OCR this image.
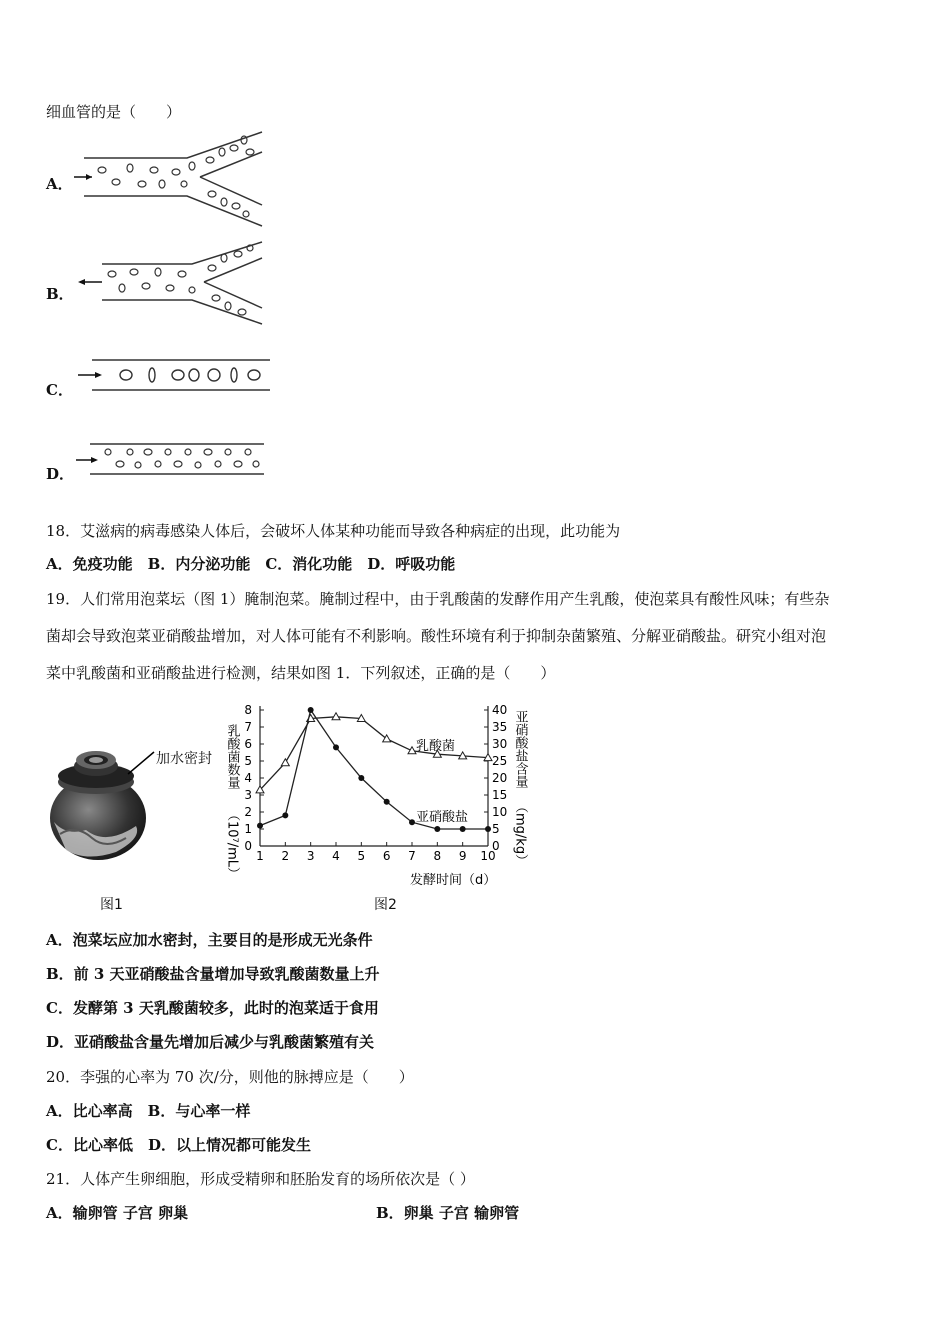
细血管的是（　　）
A．
B．
C．
D．
18．艾滋病的病毒感染人体后，会破坏人体某种功能而导致各种病症的出现，此功能为
A．免疫功能　B．内分泌功能　C．消化功能　D．呼吸功能
19．人们常用泡菜坛（图 1）腌制泡菜。腌制过程中，由于乳酸菌的发酵作用产生乳酸，使泡菜具有酸性风味；有些杂
菌却会导致泡菜亚硝酸盐增加，对人体可能有不利影响。酸性环境有利于抑制杂菌繁殖、分解亚硝酸盐。研究小组对泡
菜中乳酸菌和亚硝酸盐进行检测，结果如图 1．下列叙述，正确的是（　　）
加水密封
图1
0
1
2
3
4
5
6
7
8
0
5
10
15
20
25
30
35
40
1 2 3 4 5 6 7 8 9 10
乳酸菌数量
（10⁷/mL）
亚硝酸盐含量
（mg/kg）
乳酸菌
亚硝酸盐
发酵时间（d）
图2
A．泡菜坛应加水密封，主要目的是形成无光条件
B．前 3 天亚硝酸盐含量增加导致乳酸菌数量上升
C．发酵第 3 天乳酸菌较多，此时的泡菜适于食用
D．亚硝酸盐含量先增加后减少与乳酸菌繁殖有关
20．李强的心率为 70 次/分，则他的脉搏应是（　　）
A．比心率高　B．与心率一样
C．比心率低　D．以上情况都可能发生
21．人体产生卵细胞，形成受精卵和胚胎发育的场所依次是（ ）
A．输卵管 子宫 卵巢	B．卵巢 子宫 输卵管
